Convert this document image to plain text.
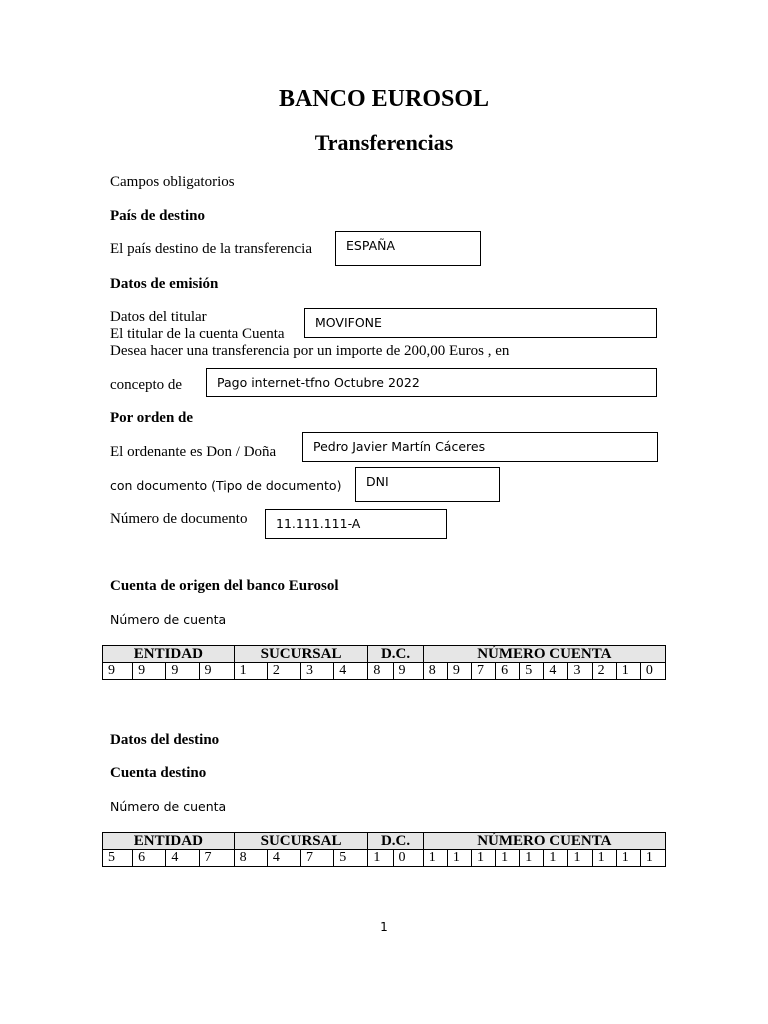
BANCO EUROSOL
Transferencias
Campos obligatorios
País de destino
El país destino de la transferencia	ESPAÑA
Datos de emisión
Datos del titular
El titular de la cuenta Cuenta
MOVIFONE
Desea hacer una transferencia por un importe de 200,00 Euros , en
concepto de	Pago internet-tfno Octubre 2022
Por orden de
El ordenante es Don / Doña	Pedro Javier Martín Cáceres
con documento (Tipo de documento)	DNI
Número de documento	11.111.111-A
Cuenta de origen del banco Eurosol
Número de cuenta
ENTIDAD				SUCURSAL				D.C.		NÚMERO CUENTA									
9	9	9	9	1	2	3	4	8	9	8	9	7	6	5	4	3	2	1	0
Datos del destino
Cuenta destino
Número de cuenta
ENTIDAD				SUCURSAL				D.C.		NÚMERO CUENTA									
5	6	4	7	8	4	7	5	1	0	1	1	1	1	1	1	1	1	1	1
1
